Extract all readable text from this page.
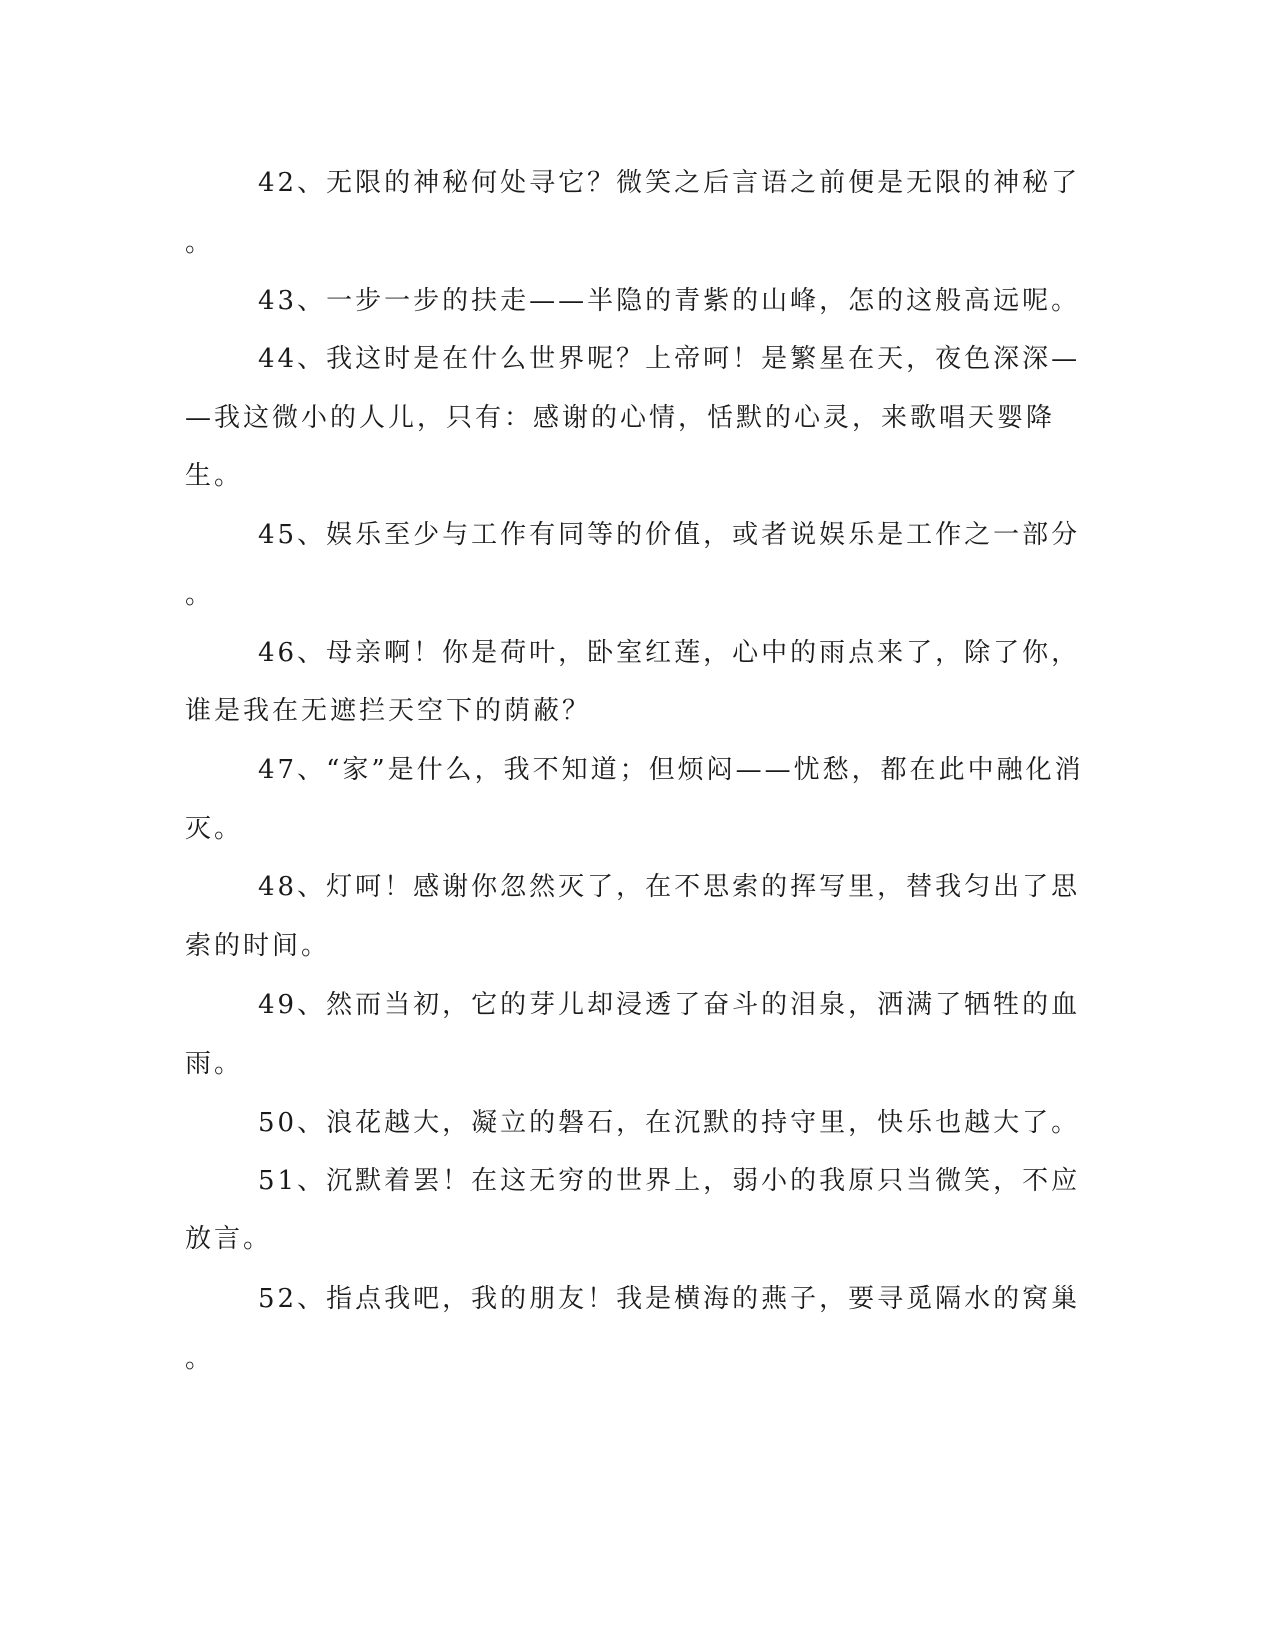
42、无限的神秘何处寻它？微笑之后言语之前便是无限的神秘了
。
43、一步一步的扶走——半隐的青紫的山峰，怎的这般高远呢。
44、我这时是在什么世界呢？上帝呵！是繁星在天，夜色深深—
—我这微小的人儿，只有：感谢的心情，恬默的心灵，来歌唱天婴降
生。
45、娱乐至少与工作有同等的价值，或者说娱乐是工作之一部分
。
46、母亲啊！你是荷叶，卧室红莲，心中的雨点来了，除了你，
谁是我在无遮拦天空下的荫蔽？
47、“家”是什么，我不知道；但烦闷——忧愁，都在此中融化消
灭。
48、灯呵！感谢你忽然灭了，在不思索的挥写里，替我匀出了思
索的时间。
49、然而当初，它的芽儿却浸透了奋斗的泪泉，洒满了牺牲的血
雨。
50、浪花越大，凝立的磐石，在沉默的持守里，快乐也越大了。
51、沉默着罢！在这无穷的世界上，弱小的我原只当微笑，不应
放言。
52、指点我吧，我的朋友！我是横海的燕子，要寻觅隔水的窝巢
。
